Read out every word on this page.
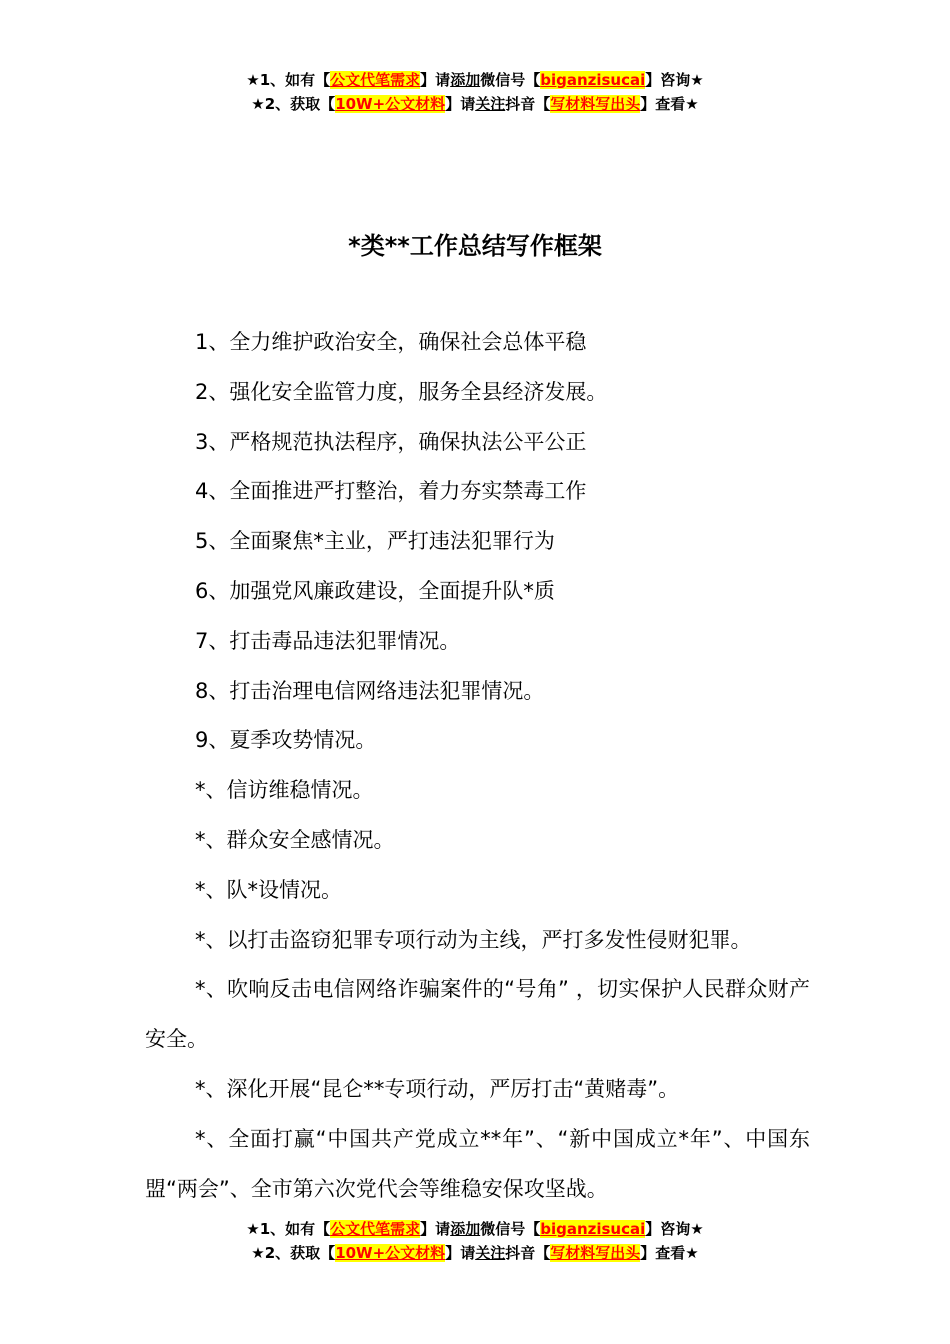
★1、如有【公文代笔需求】请添加微信号【biganzisucai】咨询★
★2、获取【10W+公文材料】请关注抖音【写材料写出头】查看★
*类**工作总结写作框架

1、全力维护政治安全，确保社会总体平稳

2、强化安全监管力度，服务全县经济发展。

3、严格规范执法程序，确保执法公平公正

4、全面推进严打整治，着力夯实禁毒工作

5、全面聚焦*主业，严打违法犯罪行为

6、加强党风廉政建设，全面提升队*质

7、打击毒品违法犯罪情况。

8、打击治理电信网络违法犯罪情况。

9、夏季攻势情况。

*、信访维稳情况。

*、群众安全感情况。

*、队*设情况。

*、以打击盗窃犯罪专项行动为主线，严打多发性侵财犯罪。

*、吹响反击电信网络诈骗案件的“号角” ，切实保护人民群众财产安全。

*、深化开展“昆仑**专项行动，严厉打击“黄赌毒”。

*、全面打赢“中国共产党成立**年”、“新中国成立*年”、中国东盟“两会”、全市第六次党代会等维稳安保攻坚战。

★1、如有【公文代笔需求】请添加微信号【biganzisucai】咨询★
★2、获取【10W+公文材料】请关注抖音【写材料写出头】查看★
